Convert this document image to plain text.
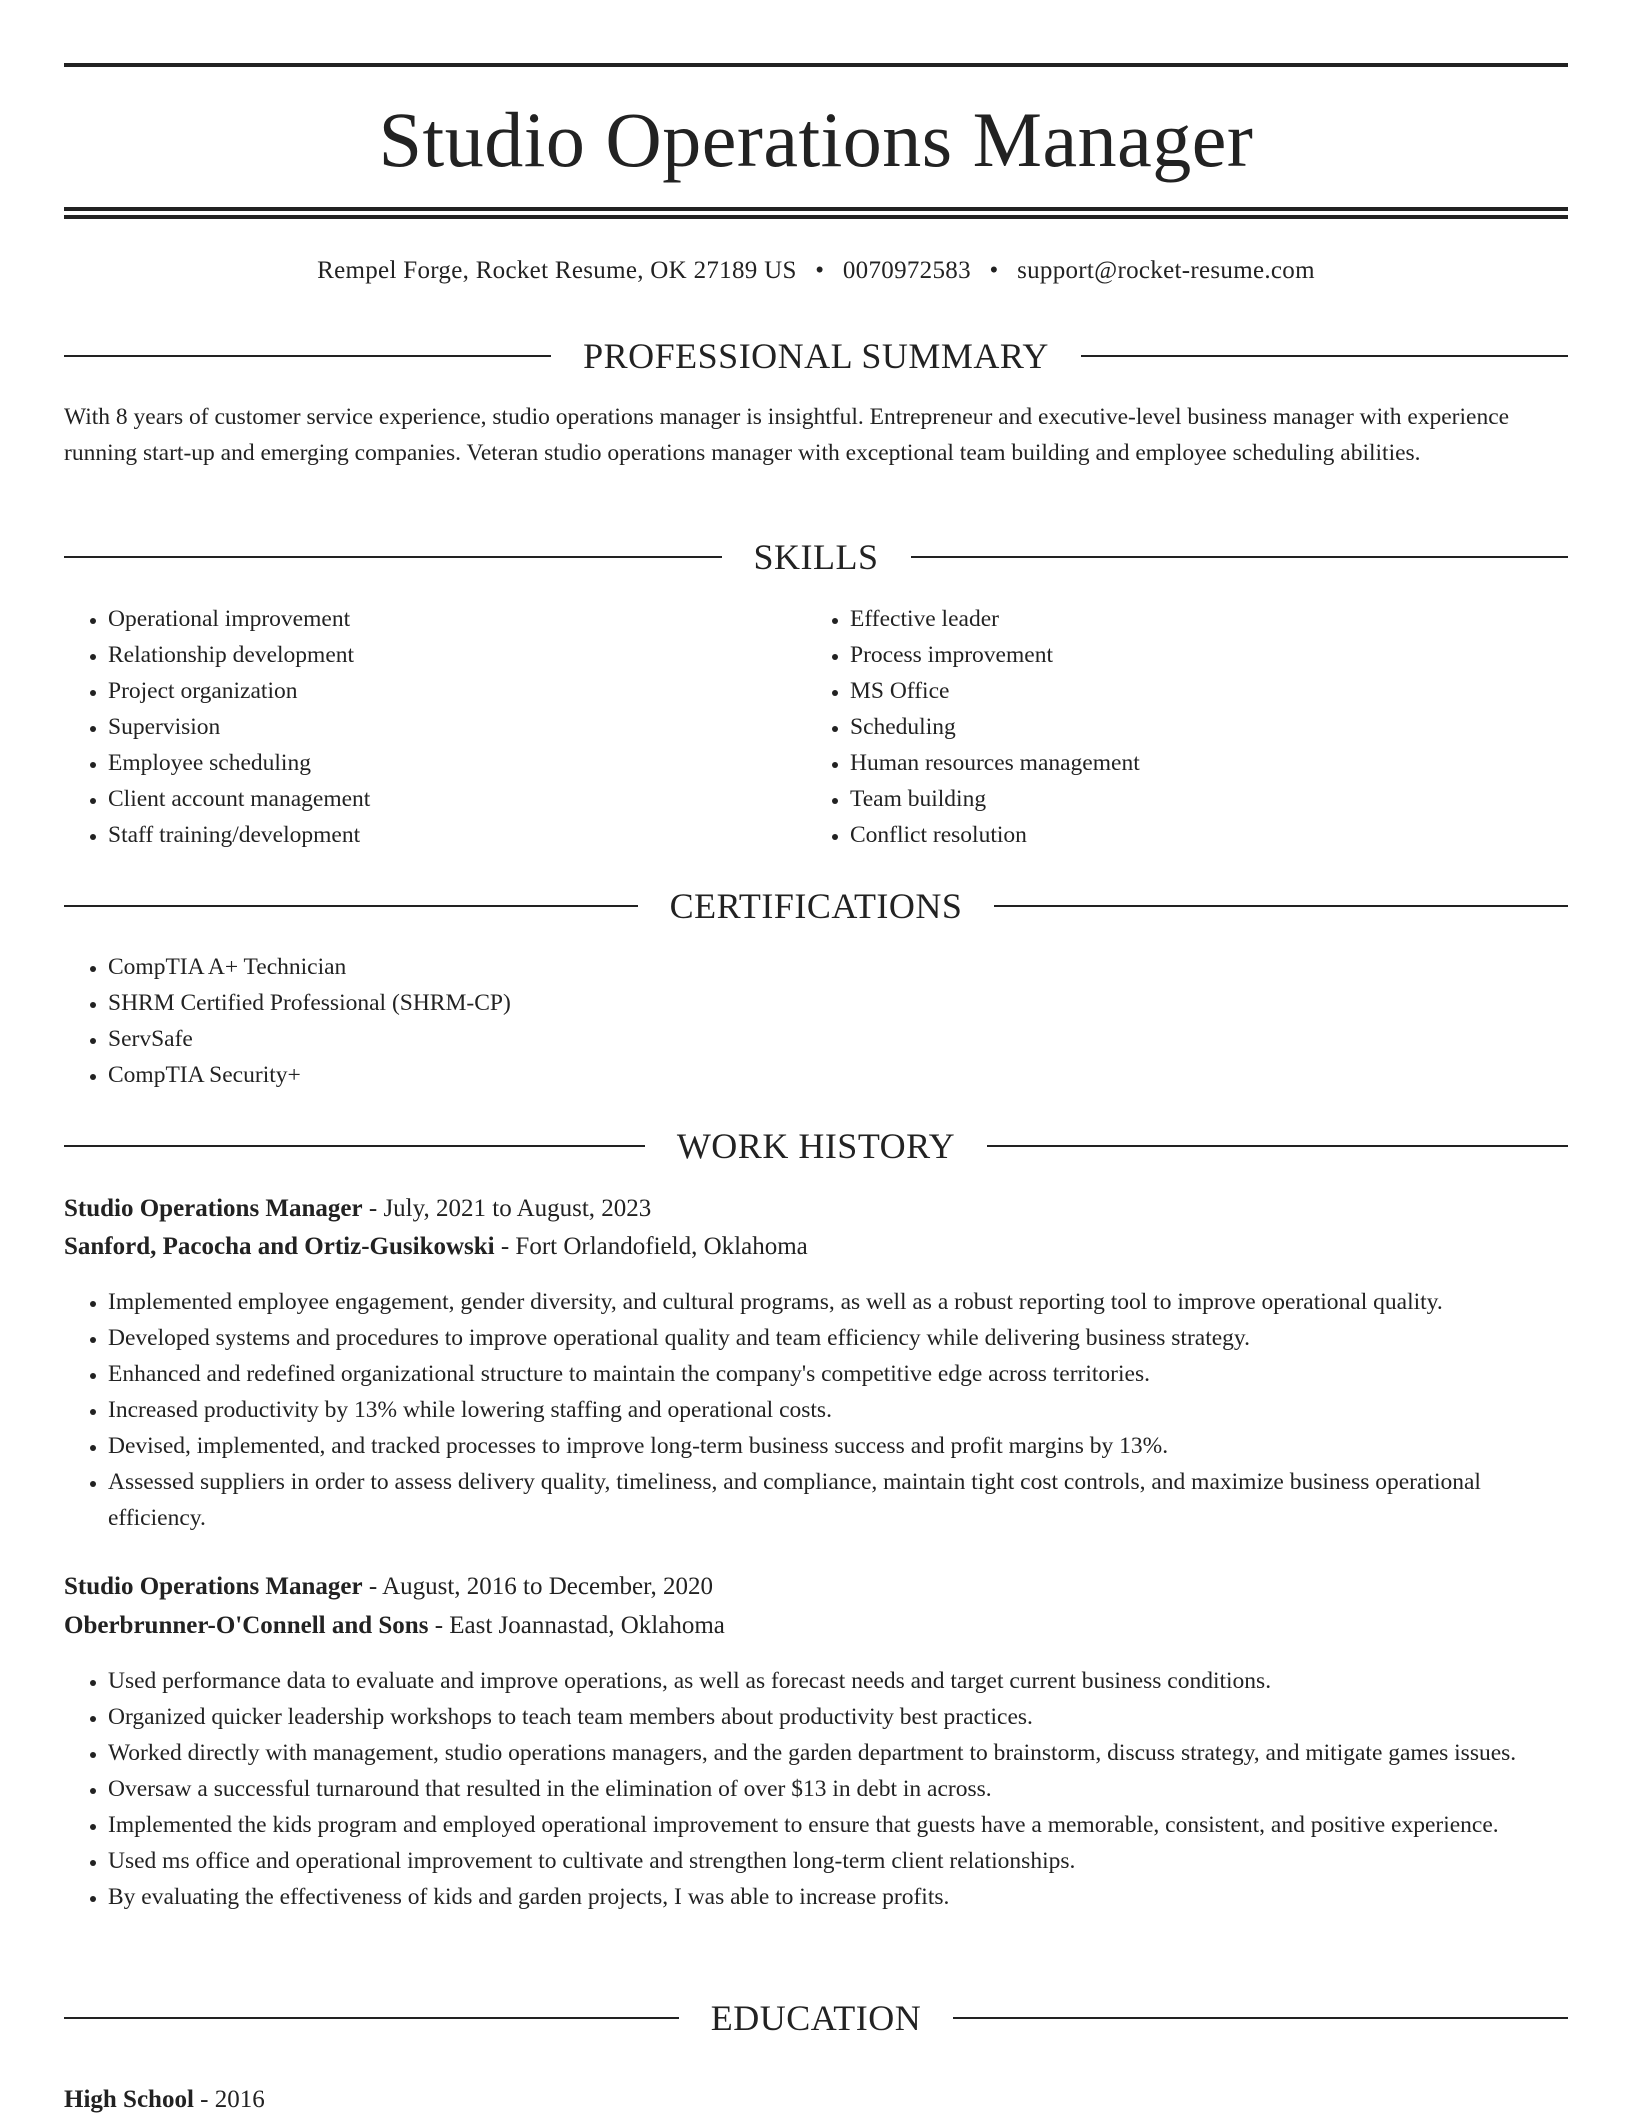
Studio Operations Manager
Rempel Forge, Rocket Resume, OK 27189 US • 0070972583 • support@rocket-resume.com
PROFESSIONAL SUMMARY

With 8 years of customer service experience, studio operations manager is insightful. Entrepreneur and executive-level business manager with experience running start-up and emerging companies. Veteran studio operations manager with exceptional team building and employee scheduling abilities.

SKILLS
• Operational improvement
• Relationship development
• Project organization
• Supervision
• Employee scheduling
• Client account management
• Staff training/development
• Effective leader
• Process improvement
• MS Office
• Scheduling
• Human resources management
• Team building
• Conflict resolution
CERTIFICATIONS
• CompTIA A+ Technician
• SHRM Certified Professional (SHRM-CP)
• ServSafe
• CompTIA Security+
WORK HISTORY
Studio Operations Manager - July, 2021 to August, 2023
Sanford, Pacocha and Ortiz-Gusikowski - Fort Orlandofield, Oklahoma
• Implemented employee engagement, gender diversity, and cultural programs, as well as a robust reporting tool to improve operational quality.
• Developed systems and procedures to improve operational quality and team efficiency while delivering business strategy.
• Enhanced and redefined organizational structure to maintain the company's competitive edge across territories.
• Increased productivity by 13% while lowering staffing and operational costs.
• Devised, implemented, and tracked processes to improve long-term business success and profit margins by 13%.
• Assessed suppliers in order to assess delivery quality, timeliness, and compliance, maintain tight cost controls, and maximize business operational efficiency.
Studio Operations Manager - August, 2016 to December, 2020
Oberbrunner-O'Connell and Sons - East Joannastad, Oklahoma
• Used performance data to evaluate and improve operations, as well as forecast needs and target current business conditions.
• Organized quicker leadership workshops to teach team members about productivity best practices.
• Worked directly with management, studio operations managers, and the garden department to brainstorm, discuss strategy, and mitigate games issues.
• Oversaw a successful turnaround that resulted in the elimination of over $13 in debt in across.
• Implemented the kids program and employed operational improvement to ensure that guests have a memorable, consistent, and positive experience.
• Used ms office and operational improvement to cultivate and strengthen long-term client relationships.
• By evaluating the effectiveness of kids and garden projects, I was able to increase profits.
EDUCATION
High School - 2016
